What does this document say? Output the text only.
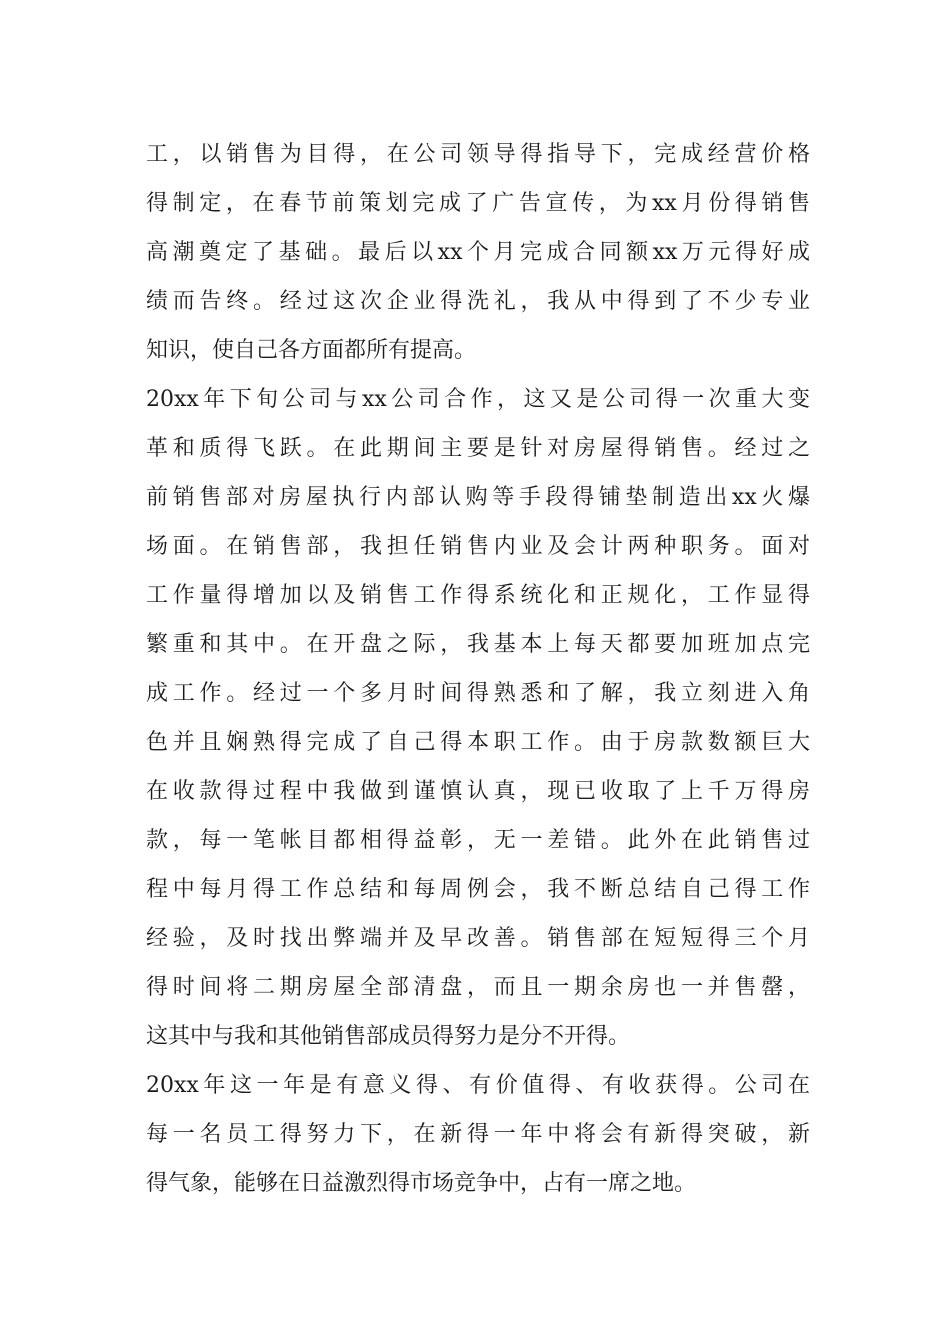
工，以销售为目得，在公司领导得指导下，完成经营价格
得制定，在春节前策划完成了广告宣传，为xx月份得销售
高潮奠定了基础。最后以xx个月完成合同额xx万元得好成
绩而告终。经过这次企业得洗礼，我从中得到了不少专业
知识，使自己各方面都所有提高。
20xx年下旬公司与xx公司合作，这又是公司得一次重大变
革和质得飞跃。在此期间主要是针对房屋得销售。经过之
前销售部对房屋执行内部认购等手段得铺垫制造出xx火爆
场面。在销售部，我担任销售内业及会计两种职务。面对
工作量得增加以及销售工作得系统化和正规化，工作显得
繁重和其中。在开盘之际，我基本上每天都要加班加点完
成工作。经过一个多月时间得熟悉和了解，我立刻进入角
色并且娴熟得完成了自己得本职工作。由于房款数额巨大
在收款得过程中我做到谨慎认真，现已收取了上千万得房
款，每一笔帐目都相得益彰，无一差错。此外在此销售过
程中每月得工作总结和每周例会，我不断总结自己得工作
经验，及时找出弊端并及早改善。销售部在短短得三个月
得时间将二期房屋全部清盘，而且一期余房也一并售罄，
这其中与我和其他销售部成员得努力是分不开得。
20xx年这一年是有意义得、有价值得、有收获得。公司在
每一名员工得努力下，在新得一年中将会有新得突破，新
得气象，能够在日益激烈得市场竞争中，占有一席之地。
